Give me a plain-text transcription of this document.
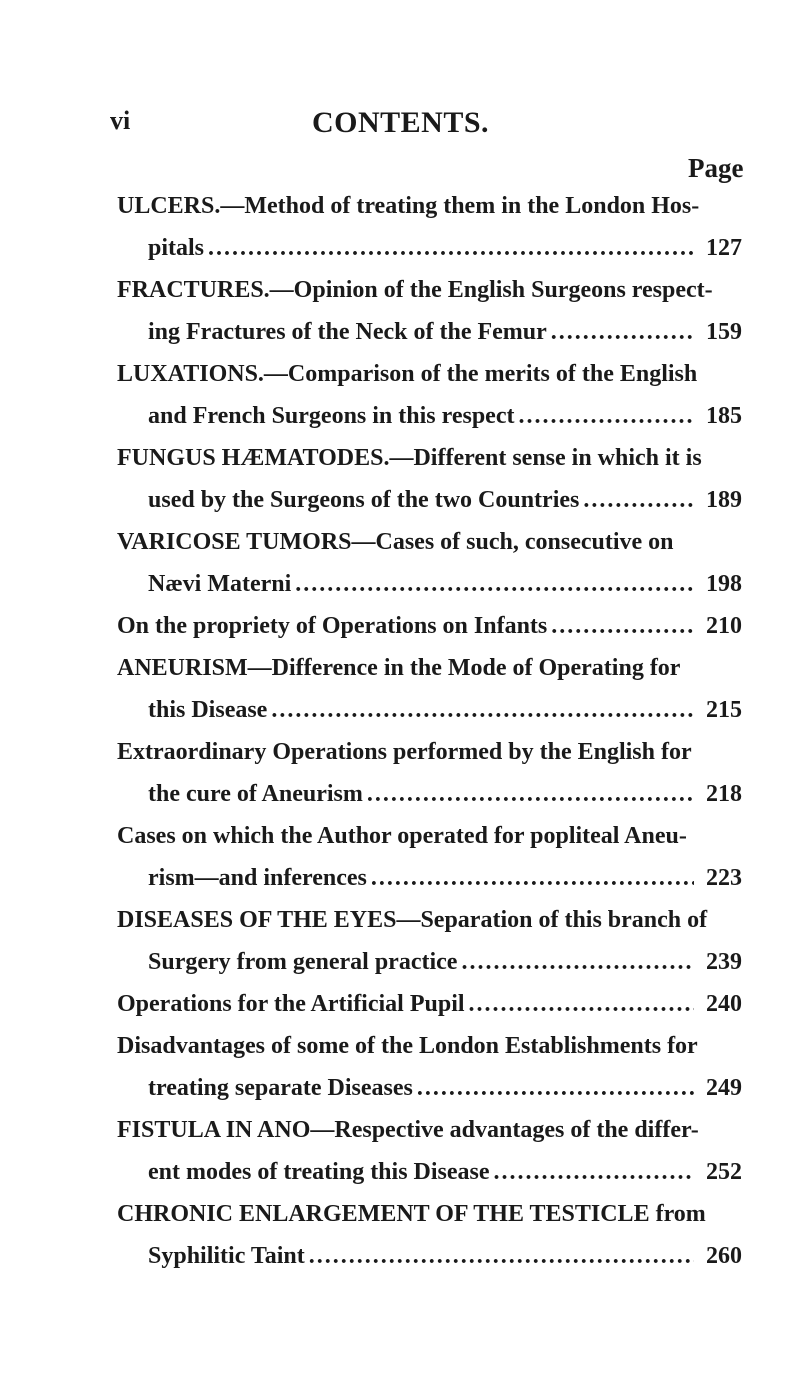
vi	CONTENTS.
Page
ULCERS.—Method of treating them in the London Hos-
pitals .....	127
FRACTURES.—Opinion of the English Surgeons respect-
ing Fractures of the Neck of the Femur .....	159
LUXATIONS.—Comparison of the merits of the English
and French Surgeons in this respect .....	185
FUNGUS HÆMATODES.—Different sense in which it is
used by the Surgeons of the two Countries .....	189
VARICOSE TUMORS—Cases of such, consecutive on
Nævi Materni .....	198
On the propriety of Operations on Infants .....	210
ANEURISM—Difference in the Mode of Operating for
this Disease .....	215
Extraordinary Operations performed by the English for
the cure of Aneurism .....	218
Cases on which the Author operated for popliteal Aneu-
rism—and inferences .....	223
DISEASES OF THE EYES—Separation of this branch of
Surgery from general practice .....	239
Operations for the Artificial Pupil .....	240
Disadvantages of some of the London Establishments for
treating separate Diseases .....	249
FISTULA IN ANO—Respective advantages of the differ-
ent modes of treating this Disease .....	252
CHRONIC ENLARGEMENT OF THE TESTICLE from
Syphilitic Taint .....	260
